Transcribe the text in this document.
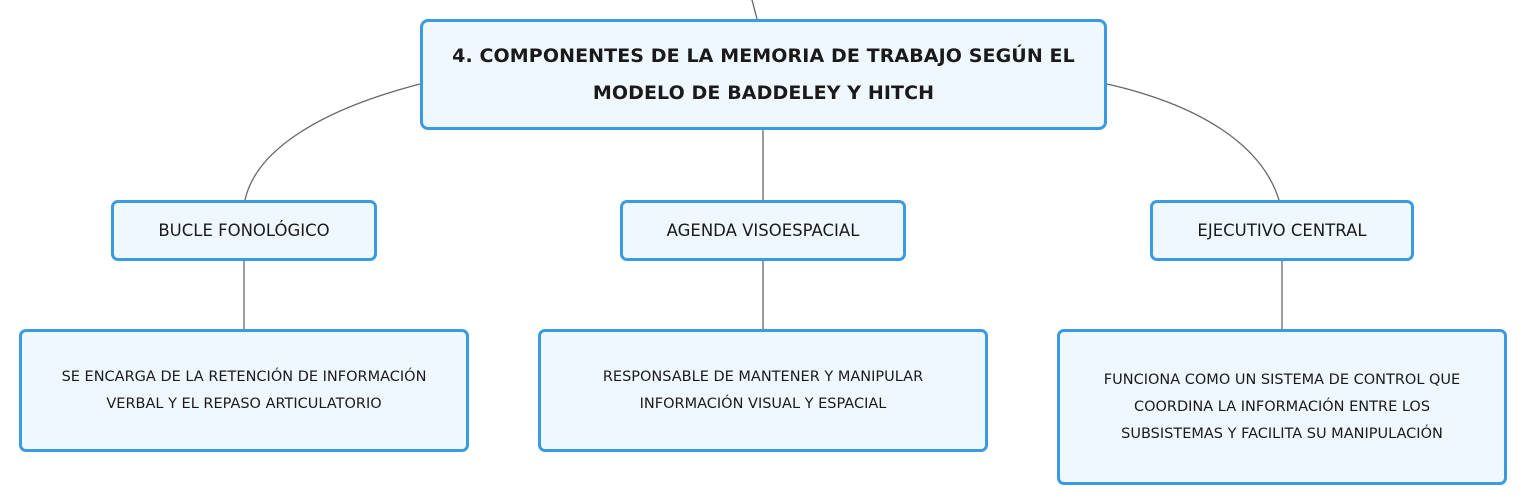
4. COMPONENTES DE LA MEMORIA DE TRABAJO SEGÚN EL
MODELO DE BADDELEY Y HITCH
BUCLE FONOLÓGICO	AGENDA VISOESPACIAL	EJECUTIVO CENTRAL
SE ENCARGA DE LA RETENCIÓN DE INFORMACIÓN
VERBAL Y EL REPASO ARTICULATORIO
RESPONSABLE DE MANTENER Y MANIPULAR
INFORMACIÓN VISUAL Y ESPACIAL
FUNCIONA COMO UN SISTEMA DE CONTROL QUE
COORDINA LA INFORMACIÓN ENTRE LOS
SUBSISTEMAS Y FACILITA SU MANIPULACIÓN
